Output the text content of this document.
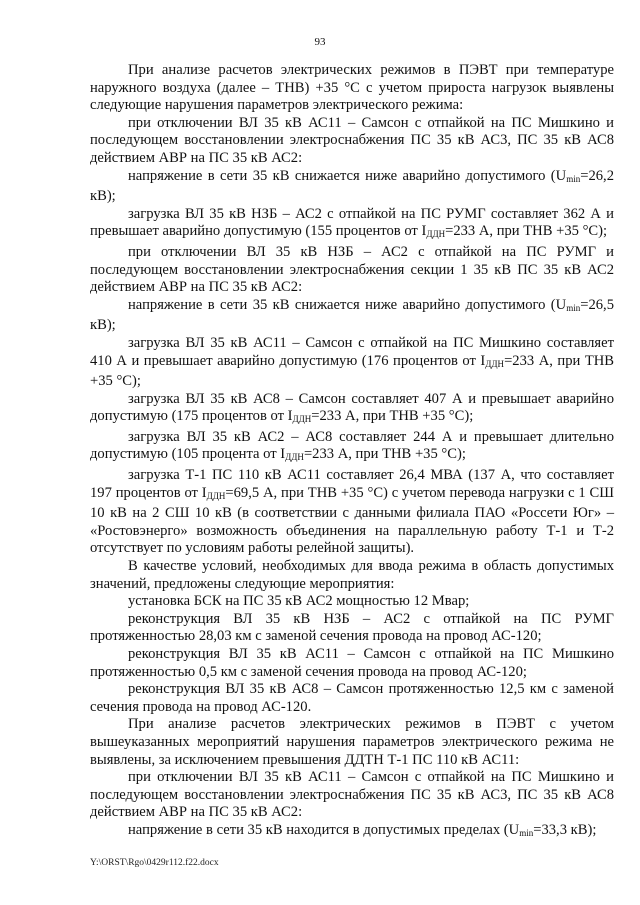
93

При анализе расчетов электрических режимов в ПЭВТ при температуре наружного воздуха (далее – ТНВ) +35 °С с учетом прироста нагрузок выявлены следующие нарушения параметров электрического режима:

при отключении ВЛ 35 кВ АС11 – Самсон с отпайкой на ПС Мишкино и последующем восстановлении электроснабжения ПС 35 кВ АС3, ПС 35 кВ АС8 действием АВР на ПС 35 кВ АС2:

напряжение в сети 35 кВ снижается ниже аварийно допустимого ($U_{min}=26,2$ кВ);

загрузка ВЛ 35 кВ НЗБ – АС2 с отпайкой на ПС РУМГ составляет 362 А и превышает аварийно допустимую (155 процентов от $I_{ДДН}=233$ А, при ТНВ +35 °С);

при отключении ВЛ 35 кВ НЗБ – АС2 с отпайкой на ПС РУМГ и последующем восстановлении электроснабжения секции 1 35 кВ ПС 35 кВ АС2 действием АВР на ПС 35 кВ АС2:

напряжение в сети 35 кВ снижается ниже аварийно допустимого ($U_{min}=26,5$ кВ);

загрузка ВЛ 35 кВ АС11 – Самсон с отпайкой на ПС Мишкино составляет 410 А и превышает аварийно допустимую (176 процентов от $I_{ДДН}=233$ А, при ТНВ +35 °С);

загрузка ВЛ 35 кВ АС8 – Самсон составляет 407 А и превышает аварийно допустимую (175 процентов от $I_{ДДН}=233$ А, при ТНВ +35 °С);

загрузка ВЛ 35 кВ АС2 – АС8 составляет 244 А и превышает длительно допустимую (105 процента от $I_{ДДН}=233$ А, при ТНВ +35 °С);

загрузка Т-1 ПС 110 кВ АС11 составляет 26,4 МВА (137 А, что составляет 197 процентов от $I_{ДДН}=69,5$ А, при ТНВ +35 °С) с учетом перевода нагрузки с 1 СШ 10 кВ на 2 СШ 10 кВ (в соответствии с данными филиала ПАО «Россети Юг» – «Ростовэнерго» возможность объединения на параллельную работу Т-1 и Т-2 отсутствует по условиям работы релейной защиты).

В качестве условий, необходимых для ввода режима в область допустимых значений, предложены следующие мероприятия:

установка БСК на ПС 35 кВ АС2 мощностью 12 Мвар;

реконструкция ВЛ 35 кВ НЗБ – АС2 с отпайкой на ПС РУМГ протяженностью 28,03 км с заменой сечения провода на провод АС-120;

реконструкция ВЛ 35 кВ АС11 – Самсон с отпайкой на ПС Мишкино протяженностью 0,5 км с заменой сечения провода на провод АС-120;

реконструкция ВЛ 35 кВ АС8 – Самсон протяженностью 12,5 км с заменой сечения провода на провод АС-120.

При анализе расчетов электрических режимов в ПЭВТ с учетом вышеуказанных мероприятий нарушения параметров электрического режима не выявлены, за исключением превышения ДДТН Т-1 ПС 110 кВ АС11:

при отключении ВЛ 35 кВ АС11 – Самсон с отпайкой на ПС Мишкино и последующем восстановлении электроснабжения ПС 35 кВ АС3, ПС 35 кВ АС8 действием АВР на ПС 35 кВ АС2:

напряжение в сети 35 кВ находится в допустимых пределах ($U_{min}=33,3$ кВ);

Y:\ORST\Rgo\0429r112.f22.docx
